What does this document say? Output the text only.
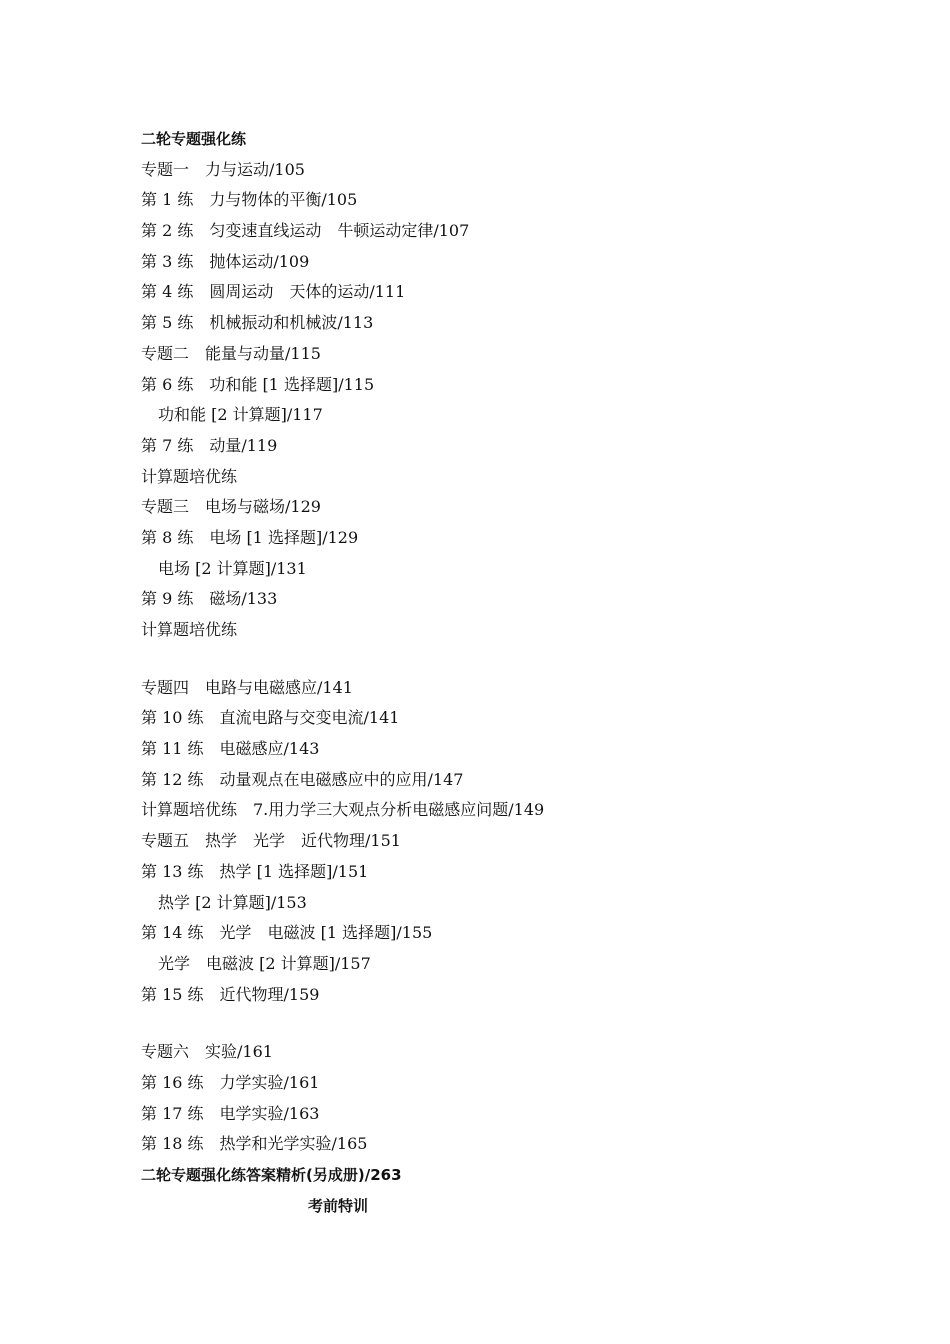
二轮专题强化练
专题一　力与运动/105
第 1 练　力与物体的平衡/105
第 2 练　匀变速直线运动　牛顿运动定律/107
第 3 练　抛体运动/109
第 4 练　圆周运动　天体的运动/111
第 5 练　机械振动和机械波/113
专题二　能量与动量/115
第 6 练　功和能 [1 选择题]/115
功和能 [2 计算题]/117
第 7 练　动量/119
计算题培优练
专题三　电场与磁场/129
第 8 练　电场 [1 选择题]/129
电场 [2 计算题]/131
第 9 练　磁场/133
计算题培优练
专题四　电路与电磁感应/141
第 10 练　直流电路与交变电流/141
第 11 练　电磁感应/143
第 12 练　动量观点在电磁感应中的应用/147
计算题培优练　7.用力学三大观点分析电磁感应问题/149
专题五　热学　光学　近代物理/151
第 13 练　热学 [1 选择题]/151
热学 [2 计算题]/153
第 14 练　光学　电磁波 [1 选择题]/155
光学　电磁波 [2 计算题]/157
第 15 练　近代物理/159
专题六　实验/161
第 16 练　力学实验/161
第 17 练　电学实验/163
第 18 练　热学和光学实验/165
二轮专题强化练答案精析(另成册)/263
考前特训
